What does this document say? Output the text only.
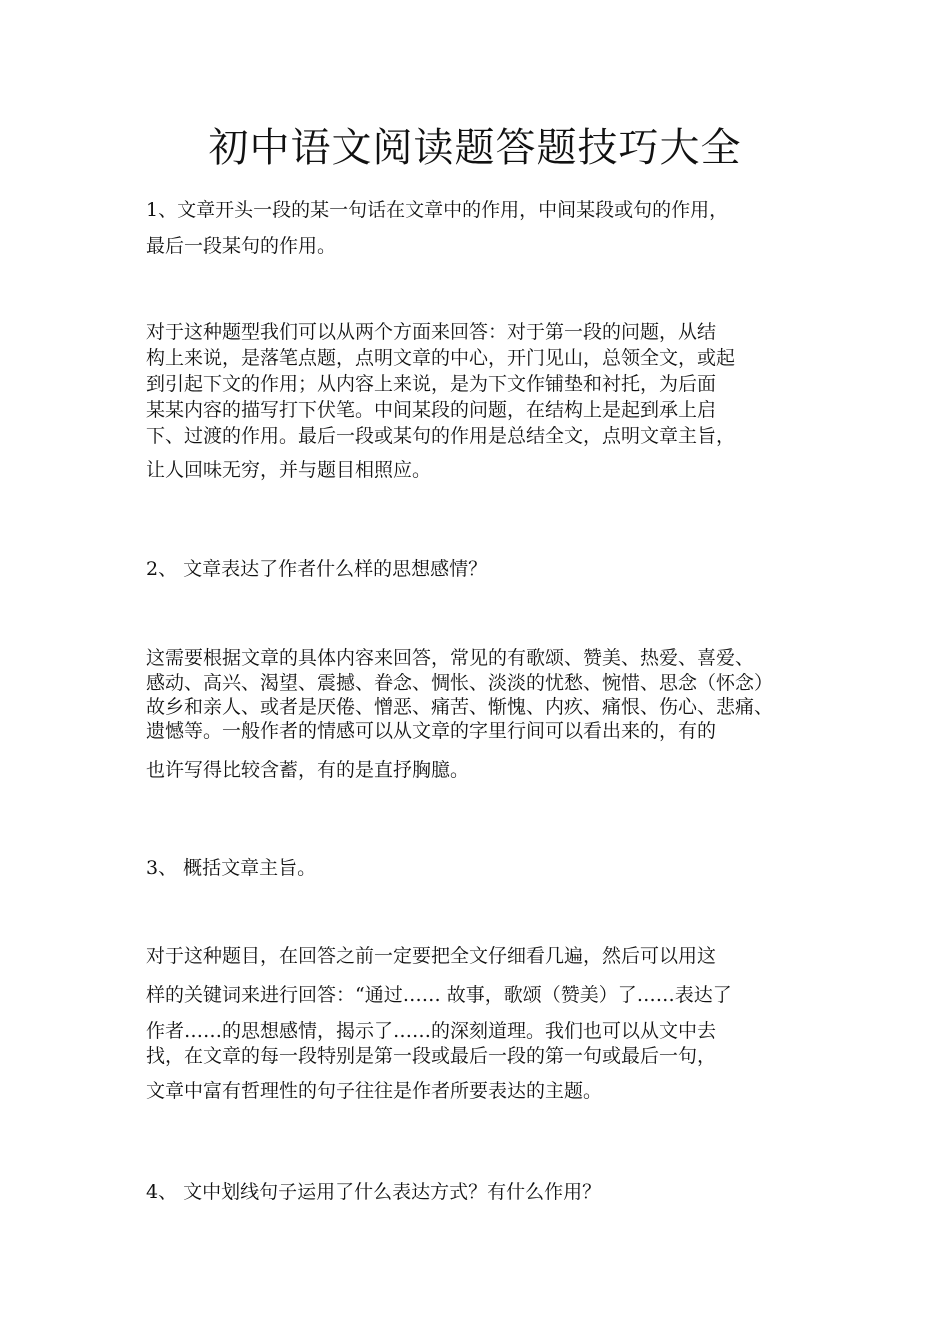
初中语文阅读题答题技巧大全

1、文章开头一段的某一句话在文章中的作用，中间某段或句的作用，

最后一段某句的作用。

对于这种题型我们可以从两个方面来回答：对于第一段的问题，从结

构上来说，是落笔点题，点明文章的中心，开门见山，总领全文，或起

到引起下文的作用；从内容上来说，是为下文作铺垫和衬托，为后面

某某内容的描写打下伏笔。中间某段的问题，在结构上是起到承上启

下、过渡的作用。最后一段或某句的作用是总结全文，点明文章主旨，

让人回味无穷，并与题目相照应。

2、 文章表达了作者什么样的思想感情？

这需要根据文章的具体内容来回答，常见的有歌颂、赞美、热爱、喜爱、

感动、高兴、渴望、震撼、眷念、惆怅、淡淡的忧愁、惋惜、思念（怀念）

故乡和亲人、或者是厌倦、憎恶、痛苦、惭愧、内疚、痛恨、伤心、悲痛、

遗憾等。一般作者的情感可以从文章的字里行间可以看出来的，有的

也许写得比较含蓄，有的是直抒胸臆。

3、 概括文章主旨。

对于这种题目，在回答之前一定要把全文仔细看几遍，然后可以用这

样的关键词来进行回答：“通过…… 故事，歌颂（赞美）了……表达了

作者……的思想感情，揭示了……的深刻道理。我们也可以从文中去

找，在文章的每一段特别是第一段或最后一段的第一句或最后一句，

文章中富有哲理性的句子往往是作者所要表达的主题。

4、 文中划线句子运用了什么表达方式？有什么作用？
